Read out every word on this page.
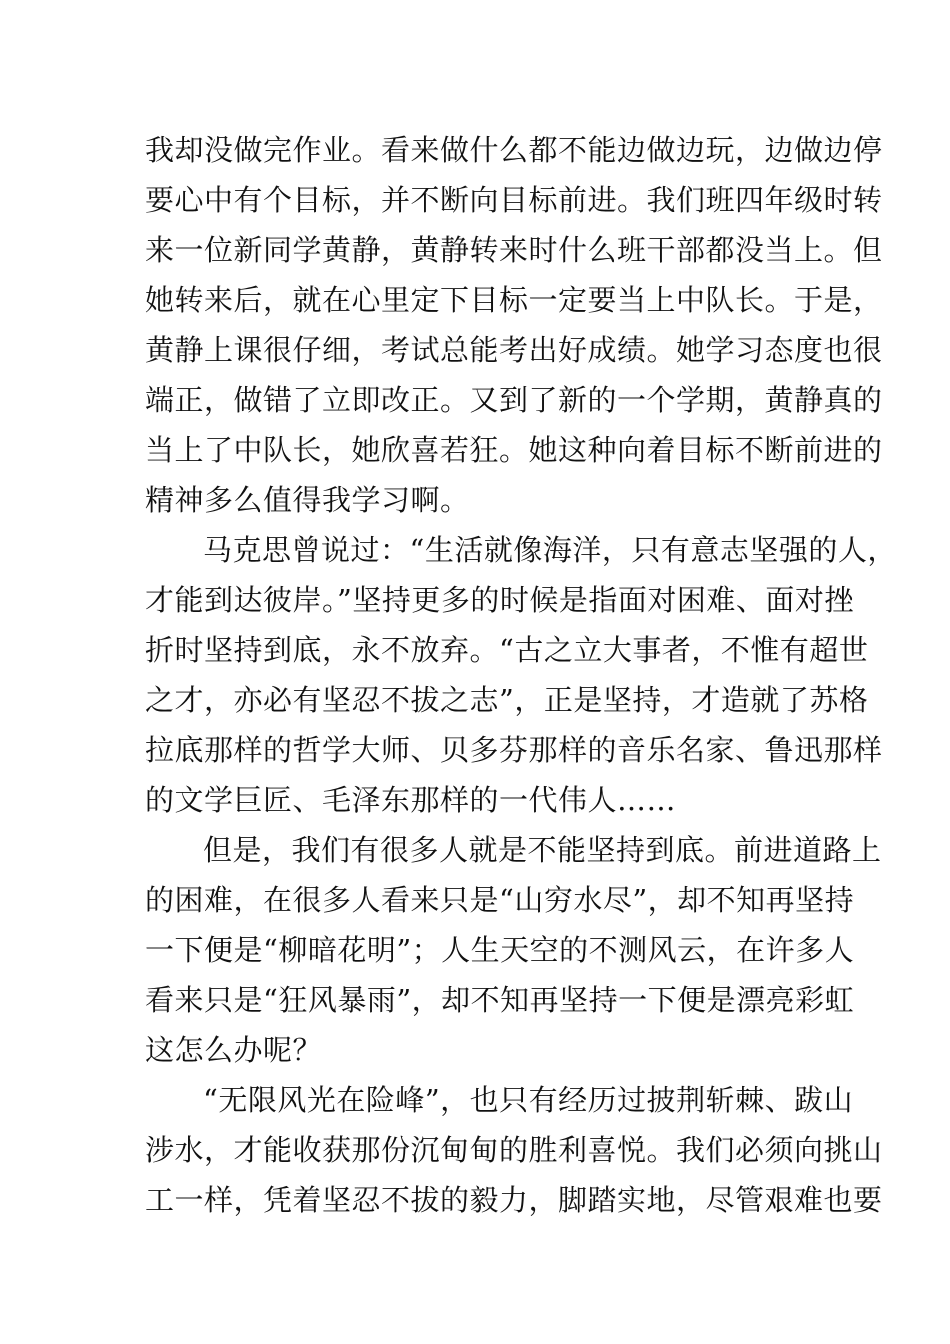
我却没做完作业。看来做什么都不能边做边玩，边做边停
要心中有个目标，并不断向目标前进。我们班四年级时转
来一位新同学黄静，黄静转来时什么班干部都没当上。但
她转来后，就在心里定下目标一定要当上中队长。于是，
黄静上课很仔细，考试总能考出好成绩。她学习态度也很
端正，做错了立即改正。又到了新的一个学期，黄静真的
当上了中队长，她欣喜若狂。她这种向着目标不断前进的
精神多么值得我学习啊。
马克思曾说过：“生活就像海洋，只有意志坚强的人，
才能到达彼岸。”坚持更多的时候是指面对困难、面对挫
折时坚持到底，永不放弃。“古之立大事者，不惟有超世
之才，亦必有坚忍不拔之志”，正是坚持，才造就了苏格
拉底那样的哲学大师、贝多芬那样的音乐名家、鲁迅那样
的文学巨匠、毛泽东那样的一代伟人……
但是，我们有很多人就是不能坚持到底。前进道路上
的困难，在很多人看来只是“山穷水尽”，却不知再坚持
一下便是“柳暗花明”；人生天空的不测风云，在许多人
看来只是“狂风暴雨”，却不知再坚持一下便是漂亮彩虹
这怎么办呢？
“无限风光在险峰”，也只有经历过披荆斩棘、跋山
涉水，才能收获那份沉甸甸的胜利喜悦。我们必须向挑山
工一样，凭着坚忍不拔的毅力，脚踏实地，尽管艰难也要
